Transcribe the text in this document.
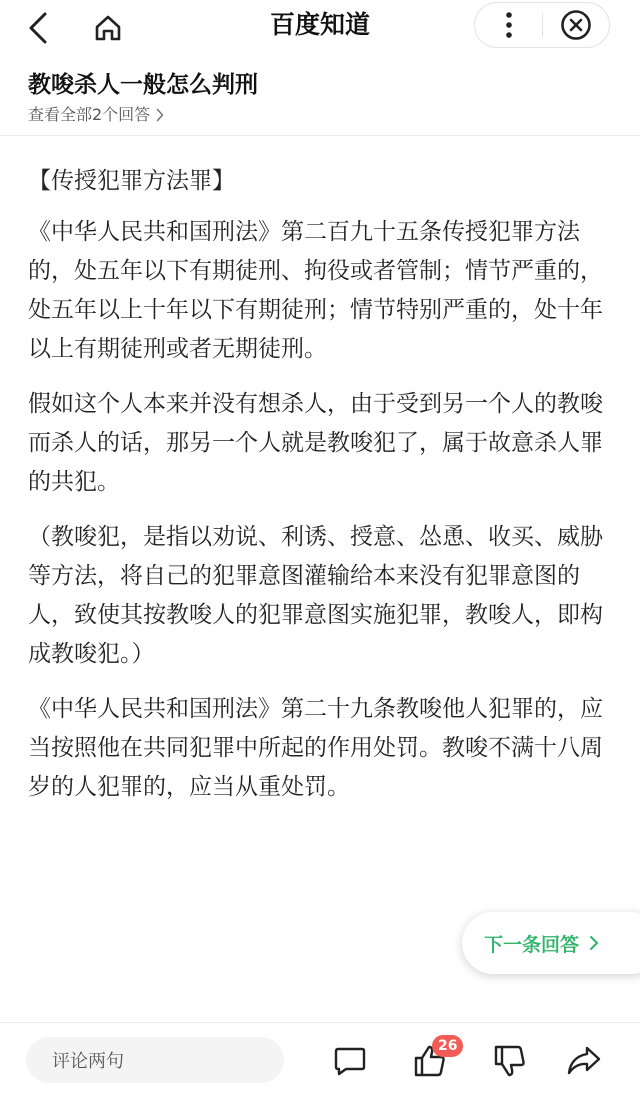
百度知道
教唆杀人一般怎么判刑
查看全部2个回答

【传授犯罪方法罪】

《中华人民共和国刑法》第二百九十五条传授犯罪方法的，处五年以下有期徒刑、拘役或者管制；情节严重的，处五年以上十年以下有期徒刑；情节特别严重的，处十年以上有期徒刑或者无期徒刑。

假如这个人本来并没有想杀人，由于受到另一个人的教唆而杀人的话，那另一个人就是教唆犯了，属于故意杀人罪的共犯。

（教唆犯，是指以劝说、利诱、授意、怂恿、收买、威胁等方法，将自己的犯罪意图灌输给本来没有犯罪意图的人，致使其按教唆人的犯罪意图实施犯罪，教唆人，即构成教唆犯。）

《中华人民共和国刑法》第二十九条教唆他人犯罪的，应当按照他在共同犯罪中所起的作用处罚。教唆不满十八周岁的人犯罪的，应当从重处罚。

下一条回答
评论两句
26
